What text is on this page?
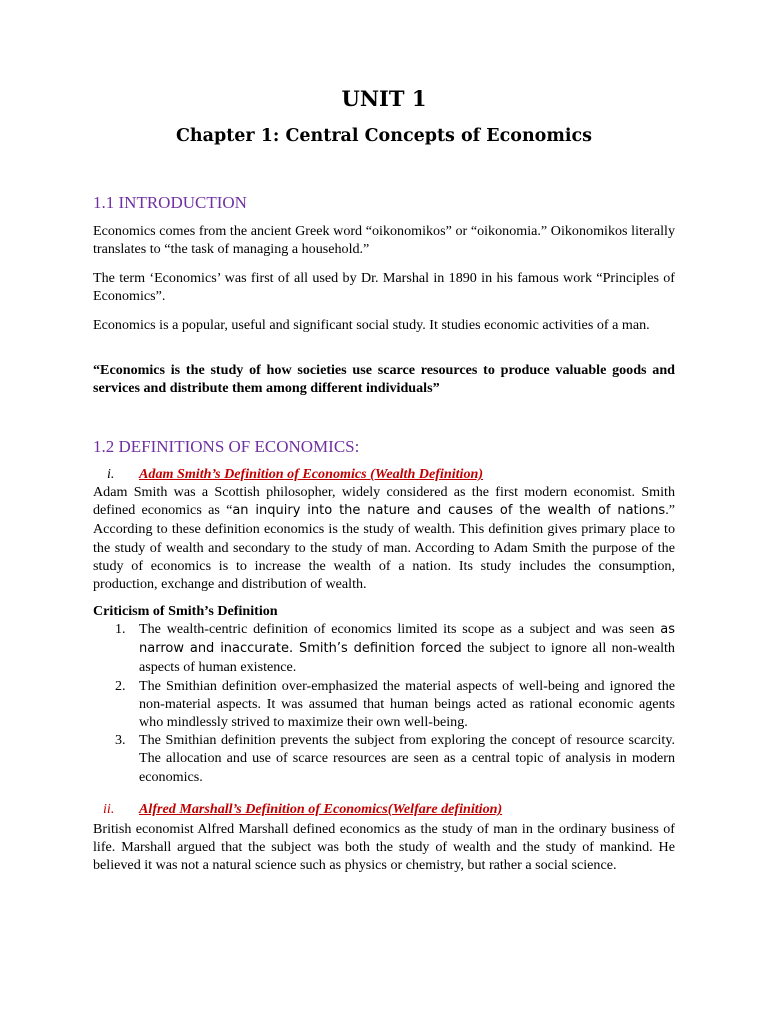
UNIT 1
Chapter 1: Central Concepts of Economics
1.1 INTRODUCTION
Economics comes from the ancient Greek word “oikonomikos” or “oikonomia.” Oikonomikos literally translates to “the task of managing a household.”
The term ‘Economics’ was first of all used by Dr. Marshal in 1890 in his famous work “Principles of Economics”.
Economics is a popular, useful and significant social study. It studies economic activities of a man.
“Economics is the study of how societies use scarce resources to produce valuable goods and services and distribute them among different individuals”
1.2 DEFINITIONS OF ECONOMICS:
i. Adam Smith’s Definition of Economics (Wealth Definition)
Adam Smith was a Scottish philosopher, widely considered as the first modern economist. Smith defined economics as “an inquiry into the nature and causes of the wealth of nations.” According to these definition economics is the study of wealth. This definition gives primary place to the study of wealth and secondary to the study of man. According to Adam Smith the purpose of the study of economics is to increase the wealth of a nation. Its study includes the consumption, production, exchange and distribution of wealth.
Criticism of Smith’s Definition
1. The wealth-centric definition of economics limited its scope as a subject and was seen as narrow and inaccurate. Smith’s definition forced the subject to ignore all non-wealth aspects of human existence.
2. The Smithian definition over-emphasized the material aspects of well-being and ignored the non-material aspects. It was assumed that human beings acted as rational economic agents who mindlessly strived to maximize their own well-being.
3. The Smithian definition prevents the subject from exploring the concept of resource scarcity. The allocation and use of scarce resources are seen as a central topic of analysis in modern economics.
ii. Alfred Marshall’s Definition of Economics(Welfare definition)
British economist Alfred Marshall defined economics as the study of man in the ordinary business of life. Marshall argued that the subject was both the study of wealth and the study of mankind. He believed it was not a natural science such as physics or chemistry, but rather a social science.
